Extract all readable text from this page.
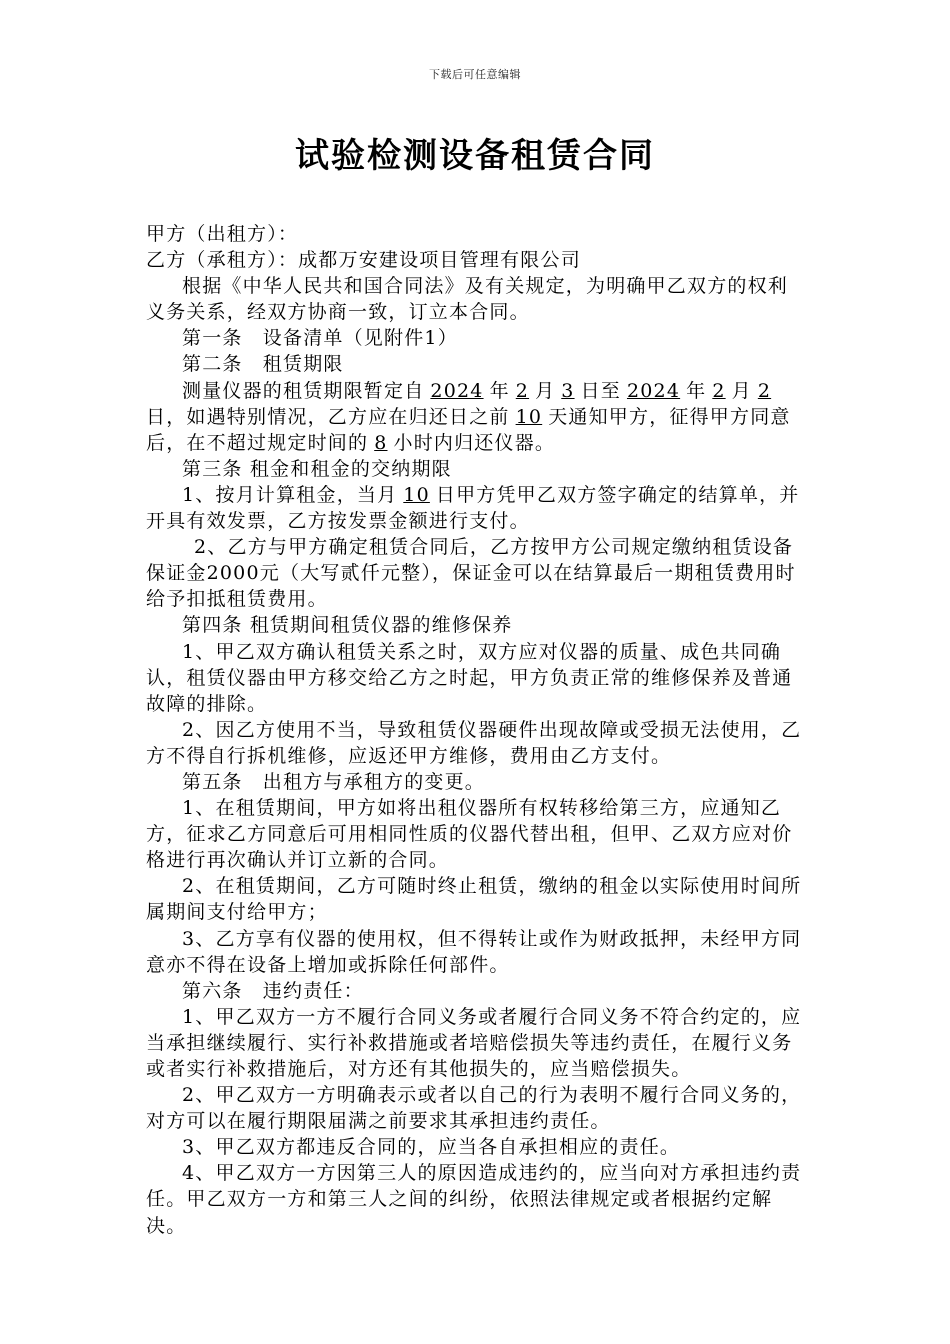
下载后可任意编辑
试验检测设备租赁合同

甲方（出租方）：

乙方（承租方）：成都万安建设项目管理有限公司

根据《中华人民共和国合同法》及有关规定，为明确甲乙双方的权利义务关系，经双方协商一致，订立本合同。

第一条　设备清单（见附件1）

第二条　租赁期限

测量仪器的租赁期限暂定自 2024 年 2 月 3 日至 2024 年 2 月 2日，如遇特别情况，乙方应在归还日之前 10 天通知甲方，征得甲方同意后，在不超过规定时间的 8 小时内归还仪器。

第三条 租金和租金的交纳期限

1、按月计算租金，当月 10 日甲方凭甲乙双方签字确定的结算单，并开具有效发票，乙方按发票金额进行支付。

2、乙方与甲方确定租赁合同后，乙方按甲方公司规定缴纳租赁设备保证金2000元（大写贰仟元整），保证金可以在结算最后一期租赁费用时给予扣抵租赁费用。

第四条 租赁期间租赁仪器的维修保养

1、甲乙双方确认租赁关系之时，双方应对仪器的质量、成色共同确认，租赁仪器由甲方移交给乙方之时起，甲方负责正常的维修保养及普通故障的排除。

2、因乙方使用不当，导致租赁仪器硬件出现故障或受损无法使用，乙方不得自行拆机维修，应返还甲方维修，费用由乙方支付。

第五条　出租方与承租方的变更。

1、在租赁期间，甲方如将出租仪器所有权转移给第三方，应通知乙方，征求乙方同意后可用相同性质的仪器代替出租，但甲、乙双方应对价格进行再次确认并订立新的合同。

2、在租赁期间，乙方可随时终止租赁，缴纳的租金以实际使用时间所属期间支付给甲方；

3、乙方享有仪器的使用权，但不得转让或作为财政抵押，未经甲方同意亦不得在设备上增加或拆除任何部件。

第六条　违约责任：

1、甲乙双方一方不履行合同义务或者履行合同义务不符合约定的，应当承担继续履行、实行补救措施或者培赔偿损失等违约责任，在履行义务或者实行补救措施后，对方还有其他损失的，应当赔偿损失。

2、甲乙双方一方明确表示或者以自己的行为表明不履行合同义务的，对方可以在履行期限届满之前要求其承担违约责任。

3、甲乙双方都违反合同的，应当各自承担相应的责任。

4、甲乙双方一方因第三人的原因造成违约的，应当向对方承担违约责任。甲乙双方一方和第三人之间的纠纷，依照法律规定或者根据约定解决。
